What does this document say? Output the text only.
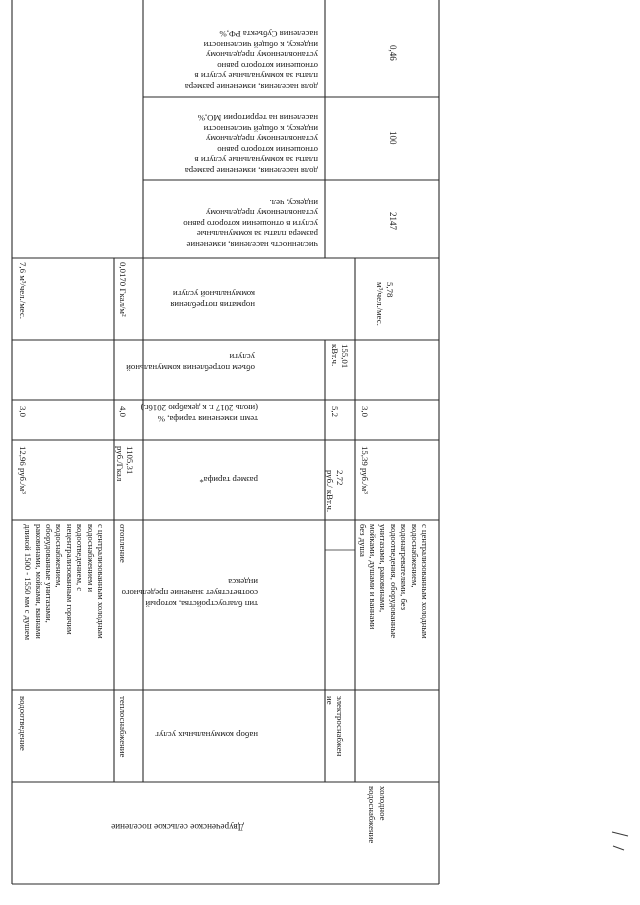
доля населения, изменение размера
платы за коммунальные услуги в
отношении которого равно
установленному предельному
индексу, к общей численности
населения Субъекта РФ,%
0,46
доля населения, изменение размера
платы за коммунальные услуги в
отношении которого равно
установленному предельному
индексу, к общей численности
населения на территории МО,%
100
численность населения, изменение
размера платы за коммунальные
услуги в отношении которого равно
установленному предельному
индексу, чел.
2147
норматив потребления
коммунальной услуги
объем потребления коммунальной
услуги
темп изменения тарифа, %
(июль 2017 г. к декабрю 2016г.)
размер тарифа*
тип благоустройства, который
соответствует значение предельного
индекса
набор коммунальных услуг
Двуреченское сельское поселение
водоотведение
с централизованным холодным
водоснабжением и
водоотведением, с
нецентрализованным горячим
водоснабжением,
оборудованные унитазами,
раковинами, мойками, ваннами
длиной 1500 - 1550 мм с душем
12,96 руб./м³
3,0
7,6 м³/чел./мес.
теплоснабжение
отопление
1105,31
руб./Гкал
4,0
0,0170 Гкал/м²
электроснабжен
ие
2,72
руб./ кВт.ч.
5,2
155,01
кВт.ч.
холодное
водоснабжение
с централизованным холодным
водоснабжением,
водонагревателями, без
водоотведения, оборудованные
унитазами, раковинами,
мойками, душами и ваннами
без душа
15,39 руб./м³
3,0
5,78
м³/чел./мес.
